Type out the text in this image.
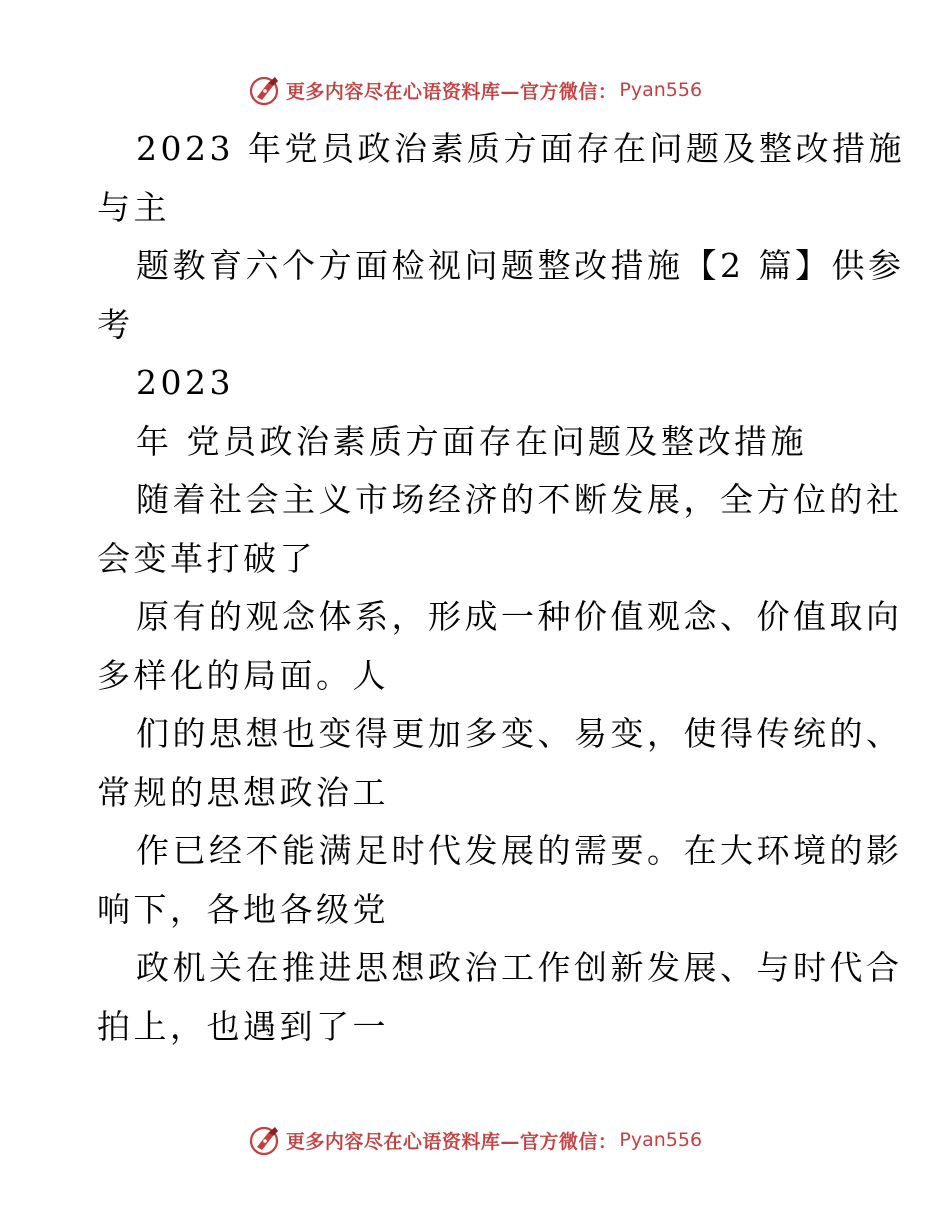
更多内容尽在心语资料库—官方微信： Pyan556
2023 年党员政治素质方面存在问题及整改措施
与主
题教育六个方面检视问题整改措施【2 篇】供参
考
2023
年 党员政治素质方面存在问题及整改措施
随着社会主义市场经济的不断发展，全方位的社
会变革打破了
原有的观念体系，形成一种价值观念、价值取向
多样化的局面。人
们的思想也变得更加多变、易变，使得传统的、
常规的思想政治工
作已经不能满足时代发展的需要。在大环境的影
响下，各地各级党
政机关在推进思想政治工作创新发展、与时代合
拍上，也遇到了一
更多内容尽在心语资料库—官方微信： Pyan556
